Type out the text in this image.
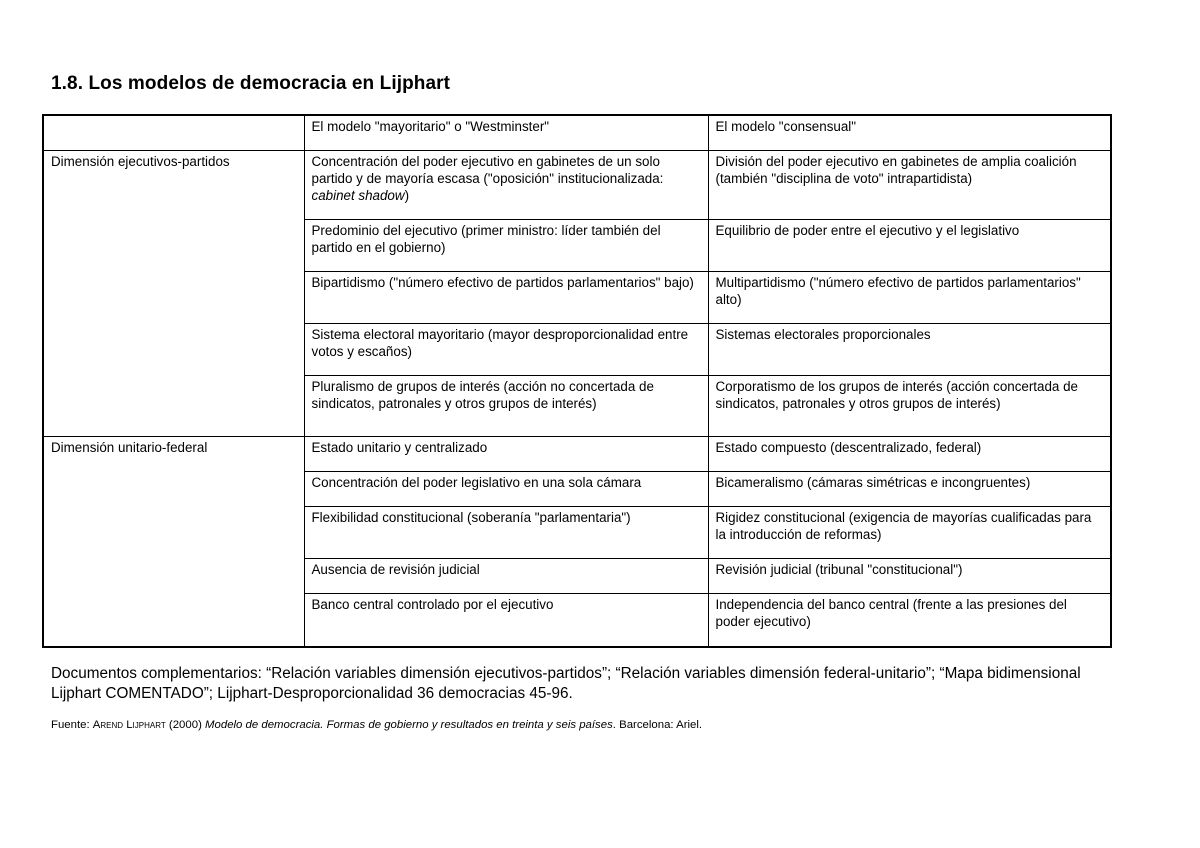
1.8. Los modelos de democracia en Lijphart
	El modelo "mayoritario" o "Westminster"	El modelo "consensual"
Dimensión ejecutivos-partidos	Concentración del poder ejecutivo en gabinetes de un solo partido y de mayoría escasa ("oposición" institucionalizada: cabinet shadow)	División del poder ejecutivo en gabinetes de amplia coalición (también "disciplina de voto" intrapartidista)
	Predominio del ejecutivo (primer ministro: líder también del partido en el gobierno)	Equilibrio de poder entre el ejecutivo y el legislativo
	Bipartidismo ("número efectivo de partidos parlamentarios" bajo)	Multipartidismo ("número efectivo de partidos parlamentarios" alto)
	Sistema electoral mayoritario (mayor desproporcionalidad entre votos y escaños)	Sistemas electorales proporcionales
	Pluralismo de grupos de interés (acción no concertada de sindicatos, patronales y otros grupos de interés)	Corporatismo de los grupos de interés (acción concertada de sindicatos, patronales y otros grupos de interés)
Dimensión unitario-federal	Estado unitario y centralizado	Estado compuesto (descentralizado, federal)
	Concentración del poder legislativo en una sola cámara	Bicameralismo (cámaras simétricas e incongruentes)
	Flexibilidad constitucional (soberanía "parlamentaria")	Rigidez constitucional (exigencia de mayorías cualificadas para la introducción de reformas)
	Ausencia de revisión judicial	Revisión judicial (tribunal "constitucional")
	Banco central controlado por el ejecutivo	Independencia del banco central (frente a las presiones del poder ejecutivo)

Documentos complementarios: “Relación variables dimensión ejecutivos-partidos”; “Relación variables dimensión federal-unitario”; “Mapa bidimensional Lijphart COMENTADO”; Lijphart-Desproporcionalidad 36 democracias 45-96.

Fuente: Arend Lijphart (2000) Modelo de democracia. Formas de gobierno y resultados en treinta y seis países. Barcelona: Ariel.
